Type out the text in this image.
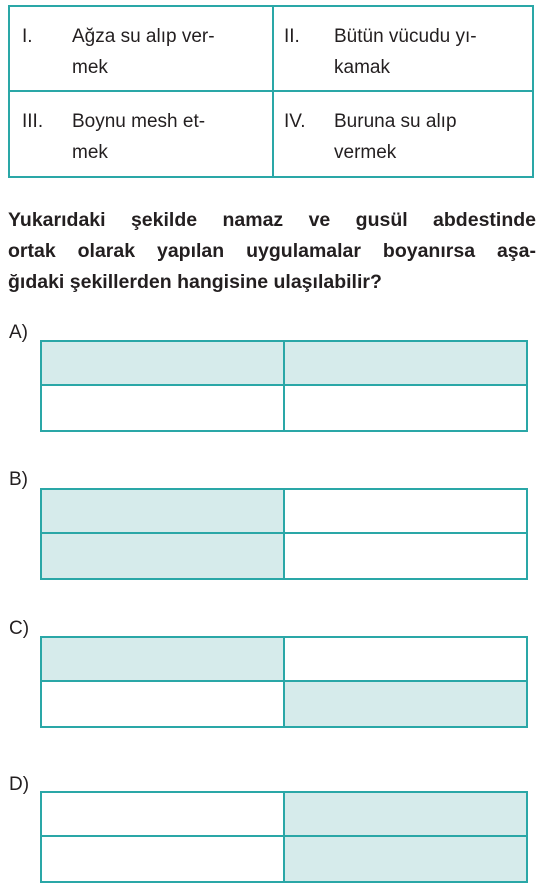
I. Ağza su alıp ver-
mek
II. Bütün vücudu yı-
kamak
III. Boynu mesh et-
mek
IV. Buruna su alıp
vermek
Yukarıdaki şekilde namaz ve gusül abdestinde
ortak olarak yapılan uygulamalar boyanırsa aşa-
ğıdaki şekillerden hangisine ulaşılabilir?
A)
B)
C)
D)
